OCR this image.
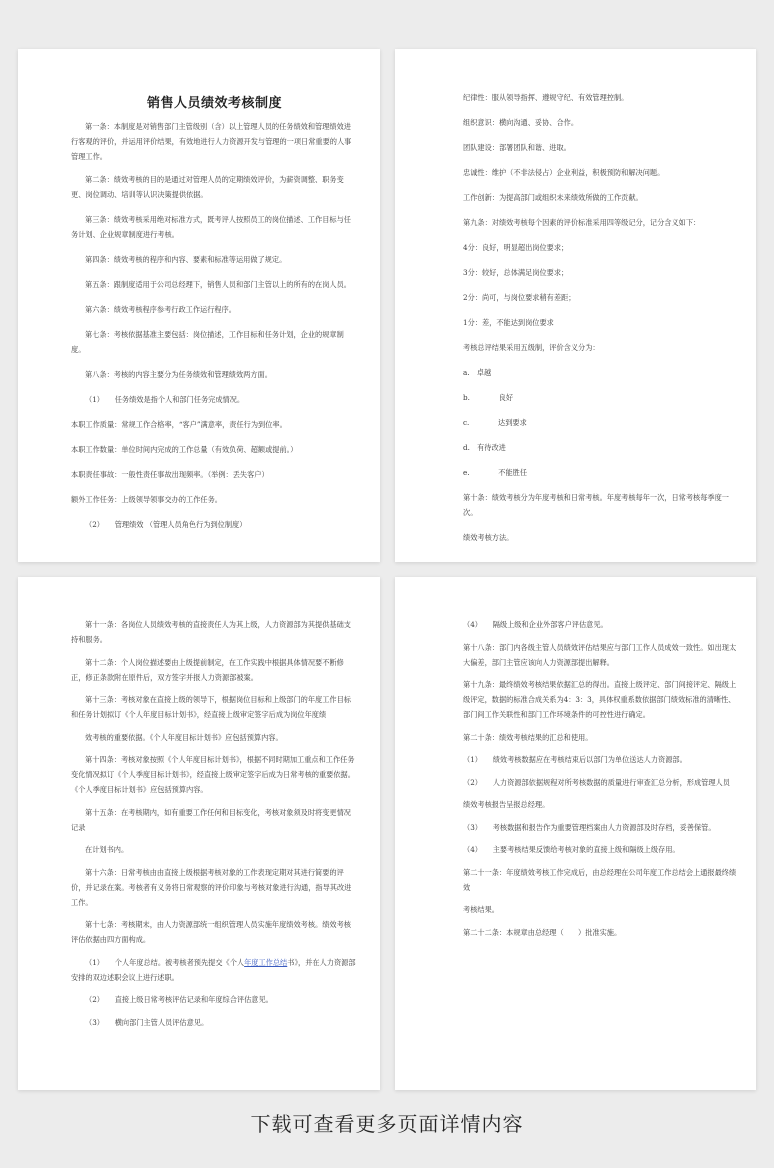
销售人员绩效考核制度

第一条：本制度是对销售部门主管级别（含）以上管理人员的任务绩效和管理绩效进行客观的评价，并运用评价结果，有效地进行人力资源开发与管理的一项日常重要的人事管理工作。

第二条：绩效考核的目的是通过对管理人员的定期绩效评价，为薪资调整、职务变更、岗位调动、培训等认识决策提供依据。

第三条：绩效考核采用绝对标准方式，既考评人按照员工的岗位描述、工作目标与任务计划、企业规章制度进行考核。

第四条：绩效考核的程序和内容、要素和标准等运用做了规定。

第五条：跟制度适用于公司总经理下，销售人员和部门主管以上的所有的在岗人员。

第六条：绩效考核程序参考行政工作运行程序。

第七条：考核依据基准主要包括：岗位描述，工作目标和任务计划，企业的规章制度。

第八条：考核的内容主要分为任务绩效和管理绩效两方面。

（1）　　任务绩效是指个人和部门任务完成情况。

本职工作质量：常规工作合格率，“客户”满意率，责任行为到位率。

本职工作数量：单位时间内完成的工作总量（有效负荷、超额或提前。）

本职责任事故：一般性责任事故出现频率。（举例：丢失客户）

额外工作任务：上级领导领事交办的工作任务。

（2）　　管理绩效 （管理人员角色行为到位制度）

纪律性：服从领导指挥、遵规守纪、有效管理控制。

组织意识：横向沟通、妥协、合作。

团队建设：部署团队和谐、进取。

忠诚性：维护（不非法侵占）企业利益，积极预防和解决问题。

工作创新：为提高部门或组织未来绩效所做的工作贡献。

第九条：对绩效考核每个因素的评价标准采用四等级记分，记分含义如下：

4分：良好，明显超出岗位要求；

3分：较好，总体满足岗位要求；

2分：尚可，与岗位要求稍有差距；

1分：差，不能达到岗位要求

考核总评结果采用五级制，评价含义分为：

a.　卓越

b.　　　　良好

c.　　　　达到要求

d.　有待改进

e.　　　　不能胜任

第十条：绩效考核分为年度考核和日常考核。年度考核每年一次，日常考核每季度一次。

绩效考核方法。

第十一条：各岗位人员绩效考核的直接责任人为其上级，人力资源部为其提供基础支持和服务。

第十二条：个人岗位描述要由上级提前制定，在工作实践中根据具体情况要不断修正，修正条款附在原件后，双方签字并报人力资源部被案。

第十三条：考核对象在直接上级的领导下，根据岗位目标和上级部门的年度工作目标和任务计划拟订《个人年度目标计划书》，经直接上级审定签字后成为岗位年度绩

效考核的重要依据。《个人年度目标计划书》应包括预算内容。

第十四条：考核对象按照《个人年度目标计划书》，根据不同时期加工重点和工作任务变化情况拟订《个人季度目标计划书》，经直接上级审定签字后成为日常考核的重要依据。《个人季度目标计划书》应包括预算内容。

第十五条：在考核期内，如有重要工作任何和目标变化，考核对象须及时将变更情况记录

在计划书内。

第十六条：日常考核由由直接上级根据考核对象的工作表现定期对其进行简要的评价，并记录在案。考核者有义务将日常观察的评价印象与考核对象进行沟通，指导其改进工作。

第十七条：考核期末，由人力资源部统一组织管理人员实施年度绩效考核。绩效考核评估依据由四方面构成。

（1）　　个人年度总结。被考核者预先提交《个人年度工作总结书》，并在人力资源部安排的双边述职会议上进行述职。

（2）　　直接上级日常考核评估记录和年度综合评估意见。

（3）　　横向部门主管人员评估意见。

（4）　　隔级上级和企业外部客户评估意见。

第十八条：部门内各级主管人员绩效评估结果应与部门工作人员成效一致性。如出现太大偏差，部门主管应该向人力资源部提出解释。

第十九条：最终绩效考核结果依据汇总的得出。直接上级评定、部门间接评定、隔级上级评定，数据的标准合成关系为4：3：3，具体权重系数依据部门绩效标准的清晰性、部门间工作关联性和部门工作环境条件的可控性进行确定。

第二十条：绩效考核结果的汇总和使用。

（1）　　绩效考核数据应在考核结束后以部门为单位送达人力资源部。

（2）　　人力资源部依据规程对所考核数据的质量进行审查汇总分析，形成管理人员

绩效考核报告呈报总经理。

（3）　　考核数据和报告作为重要管理档案由人力资源部及时存档，妥善保管。

（4）　　主要考核结果反馈给考核对象的直接上级和隔级上级存用。

第二十一条：年度绩效考核工作完成后，由总经理在公司年度工作总结会上通报最终绩效

考核结果。

第二十二条：本规章由总经理（　　）批准实施。

下载可查看更多页面详情内容
